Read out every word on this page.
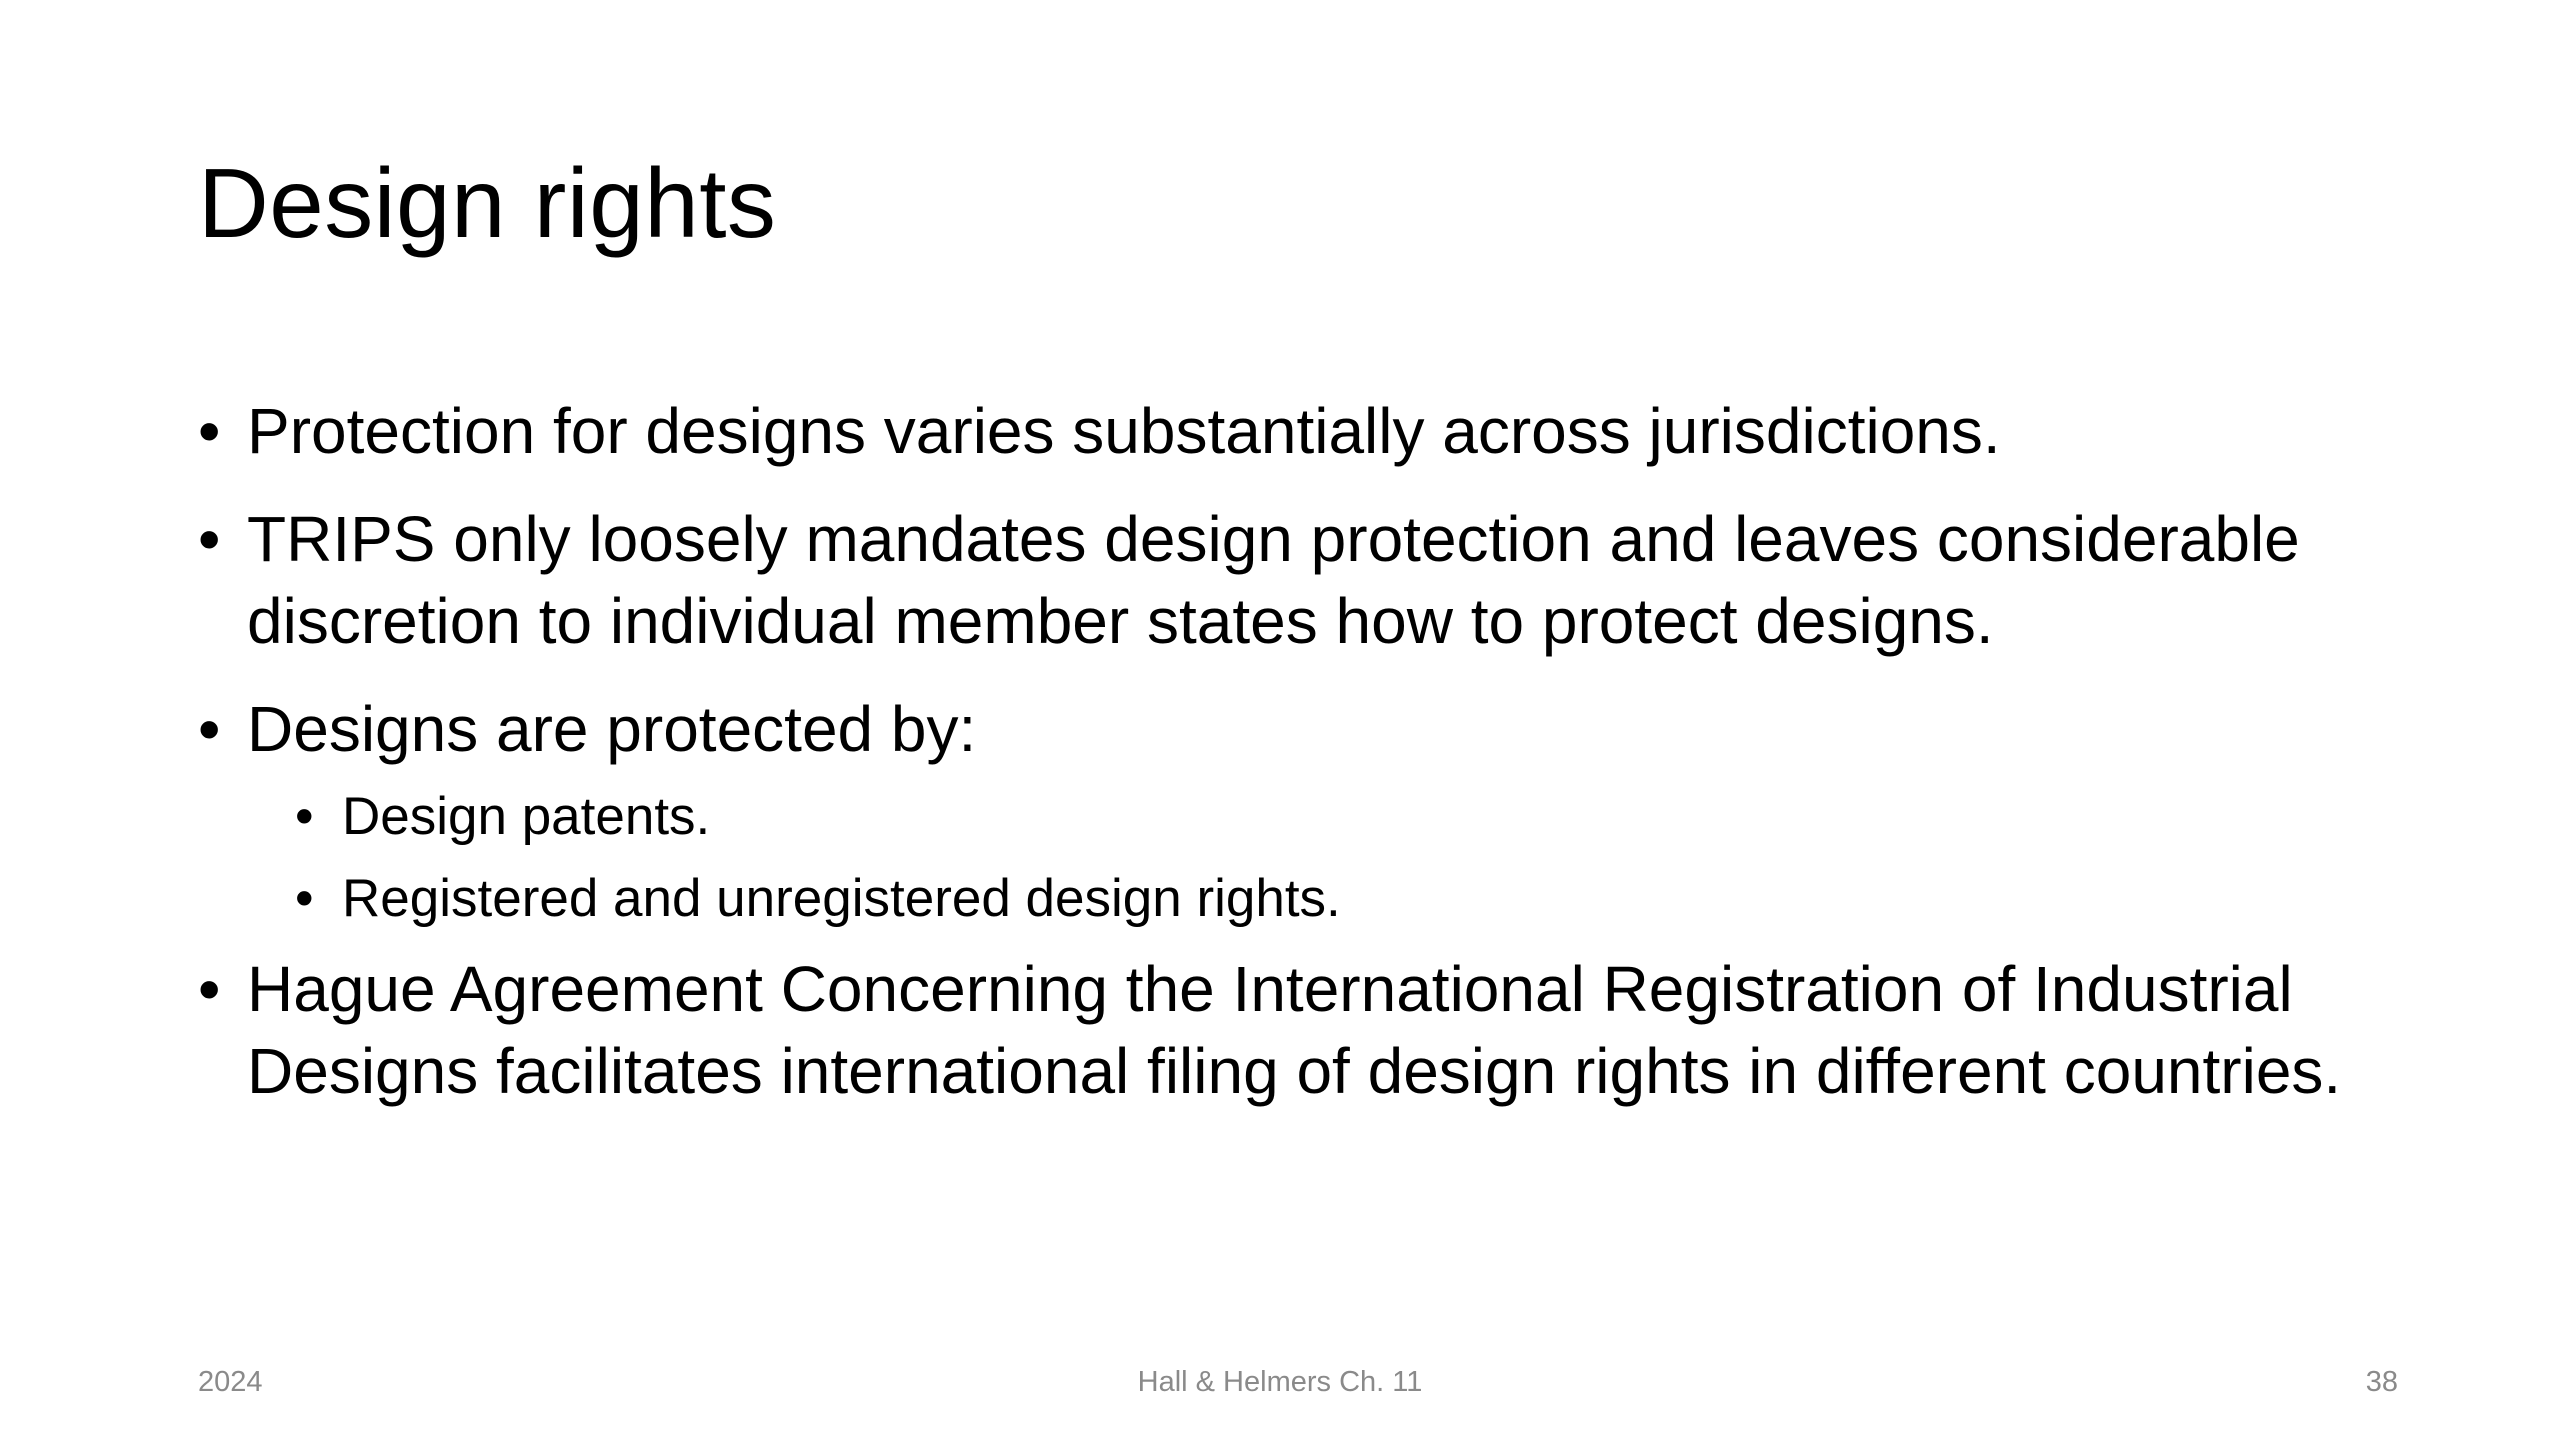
Design rights
• Protection for designs varies substantially across jurisdictions.
• TRIPS only loosely mandates design protection and leaves considerable discretion to individual member states how to protect designs.
• Designs are protected by:
• Design patents.
• Registered and unregistered design rights.
• Hague Agreement Concerning the International Registration of Industrial Designs facilitates international filing of design rights in different countries.
2024	Hall & Helmers Ch. 11	38
